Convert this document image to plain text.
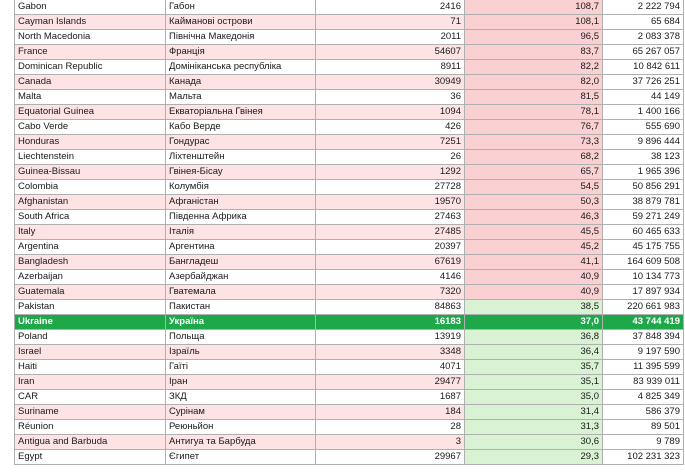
Gabon	Габон	2416	108,7	2 222 794
Cayman Islands	Кайманові острови	71	108,1	65 684
North Macedonia	Північна Македонія	2011	96,5	2 083 378
France	Франція	54607	83,7	65 267 057
Dominican Republic	Домініканська республіка	8911	82,2	10 842 611
Canada	Канада	30949	82,0	37 726 251
Malta	Мальта	36	81,5	44 149
Equatorial Guinea	Екваторіальна Гвінея	1094	78,1	1 400 166
Cabo Verde	Кабо Верде	426	76,7	555 690
Honduras	Гондурас	7251	73,3	9 896 444
Liechtenstein	Ліхтенштейн	26	68,2	38 123
Guinea-Bissau	Гвінея-Бісау	1292	65,7	1 965 396
Colombia	Колумбія	27728	54,5	50 856 291
Afghanistan	Афганістан	19570	50,3	38 879 781
South Africa	Південна Африка	27463	46,3	59 271 249
Italy	Італія	27485	45,5	60 465 633
Argentina	Аргентина	20397	45,2	45 175 755
Bangladesh	Бангладеш	67619	41,1	164 609 508
Azerbaijan	Азербайджан	4146	40,9	10 134 773
Guatemala	Гватемала	7320	40,9	17 897 934
Pakistan	Пакистан	84863	38,5	220 661 983
Ukraine	Україна	16183	37,0	43 744 419
Poland	Польща	13919	36,8	37 848 394
Israel	Ізраїль	3348	36,4	9 197 590
Haiti	Гаїті	4071	35,7	11 395 599
Iran	Іран	29477	35,1	83 939 011
CAR	ЗКД	1687	35,0	4 825 349
Suriname	Сурінам	184	31,4	586 379
Réunion	Реюньйон	28	31,3	89 501
Antigua and Barbuda	Антигуа та Барбуда	3	30,6	9 789
Egypt	Єгипет	29967	29,3	102 231 323
